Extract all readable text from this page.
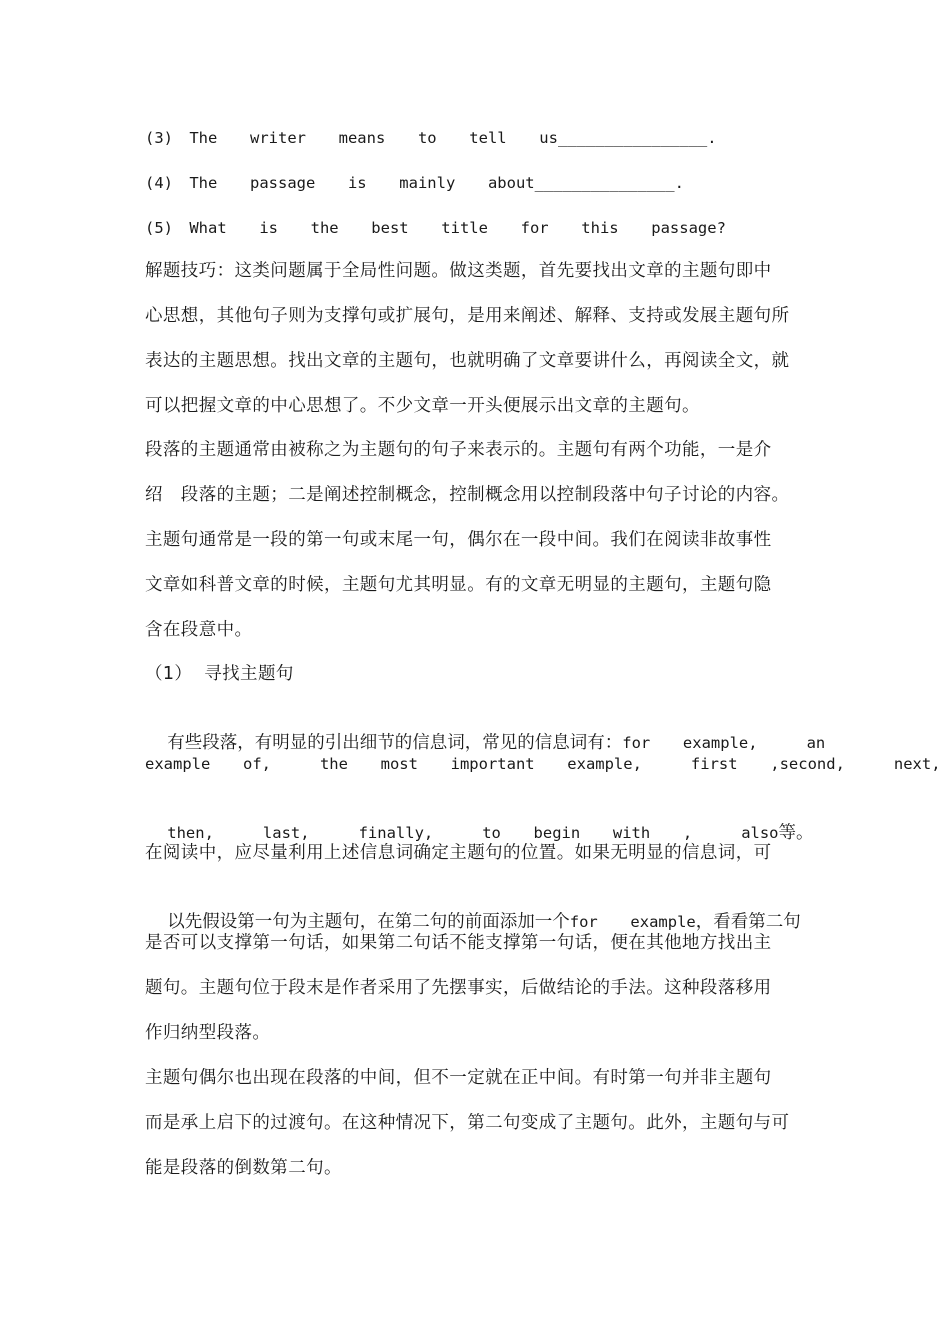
(3) The  writer  means  to  tell  us________________.
(4) The  passage  is  mainly  about_______________.
(5) What  is  the  best  title  for  this  passage?
解题技巧：这类问题属于全局性问题。做这类题，首先要找出文章的主题句即中
心思想，其他句子则为支撑句或扩展句，是用来阐述、解释、支持或发展主题句所
表达的主题思想。找出文章的主题句，也就明确了文章要讲什么，再阅读全文，就
可以把握文章的中心思想了。不少文章一开头便展示出文章的主题句。
段落的主题通常由被称之为主题句的句子来表示的。主题句有两个功能，一是介
绍   段落的主题；二是阐述控制概念，控制概念用以控制段落中句子讨论的内容。
主题句通常是一段的第一句或末尾一句，偶尔在一段中间。我们在阅读非故事性
文章如科普文章的时候，主题句尤其明显。有的文章无明显的主题句，主题句隐
含在段意中。
（1）  寻找主题句

有些段落，有明显的引出细节的信息词，常见的信息词有：for  example,   an

example  of,   the  most  important  example,   first  ,second,   next,

then,   last,   finally,   to  begin  with  ,   also等。

在阅读中，应尽量利用上述信息词确定主题句的位置。如果无明显的信息词，可

以先假设第一句为主题句，在第二句的前面添加一个for  example，看看第二句

是否可以支撑第一句话，如果第二句话不能支撑第一句话，便在其他地方找出主
题句。主题句位于段末是作者采用了先摆事实，后做结论的手法。这种段落移用
作归纳型段落。
主题句偶尔也出现在段落的中间，但不一定就在正中间。有时第一句并非主题句
而是承上启下的过渡句。在这种情况下，第二句变成了主题句。此外，主题句与可
能是段落的倒数第二句。
